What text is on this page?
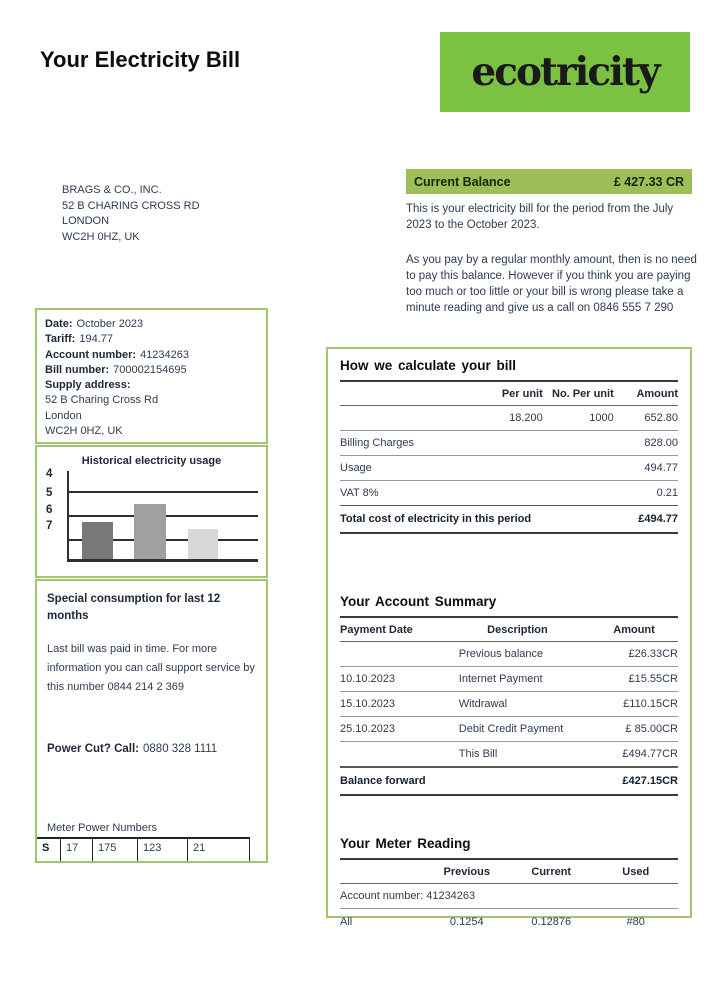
Your Electricity Bill	ecotricity
BRAGS & CO., INC.
52 B CHARING CROSS RD
LONDON
WC2H 0HZ, UK
Current Balance	£ 427.33 CR
This is your electricity bill for the period from the July 2023 to the October 2023.
As you pay by a regular monthly amount, then is no need to pay this balance. However if you think you are paying too much or too little or your bill is wrong please take a minute reading and give us a call on 0846 555 7 290
Date: October 2023
Tariff: 194.77
Account number: 41234263
Bill number: 700002154695
Supply address:
52 B Charing Cross Rd
London
WC2H 0HZ, UK
Historical electricity usage
4
5
6
7
Special consumption for last 12 months
Last bill was paid in time. For more information you can call support service by this number 0844 214 2 369
Power Cut? Call: 0880 328 1111
Meter Power Numbers
S	17	175	123	21
How we calculate your bill
	Per unit	No. Per unit	Amount
	18.200	1000	652.80
Billing Charges			828.00
Usage			494.77
VAT 8%			0.21
Total cost of electricity in this period			£494.77
Your Account Summary
Payment Date	Description	Amount
	Previous balance	£26.33CR
10.10.2023	Internet Payment	£15.55CR
15.10.2023	Witdrawal	£110.15CR
25.10.2023	Debit Credit Payment	£ 85.00CR
	This Bill	£494.77CR
Balance forward		£427.15CR
Your Meter Reading
	Previous	Current	Used
Account number: 41234263			
All	0.1254	0.12876	#80
